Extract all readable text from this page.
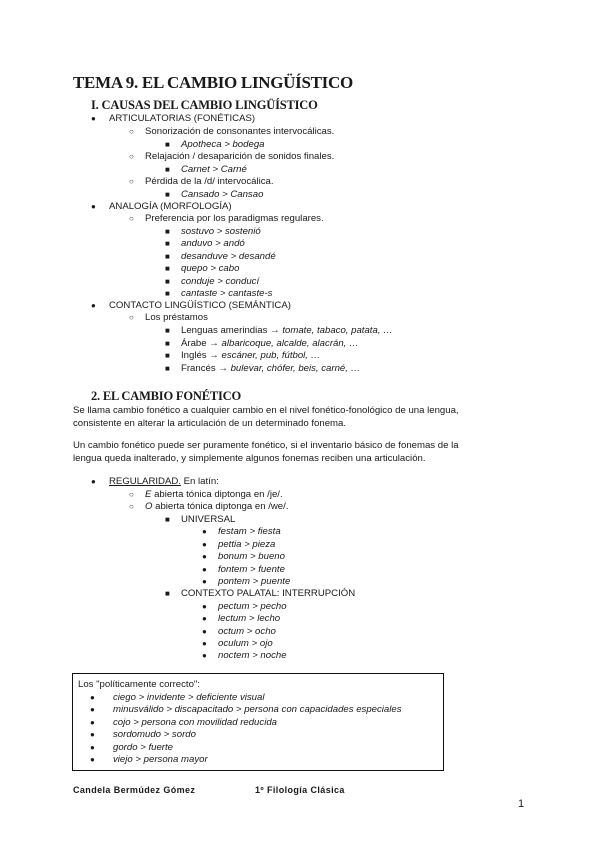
TEMA 9. EL CAMBIO LINGÜÍSTICO
I. CAUSAS DEL CAMBIO LINGÜÍSTICO
● ARTICULATORIAS (FONÉTICAS)
○ Sonorización de consonantes intervocálicas.
■ Apotheca > bodega
○ Relajación / desaparición de sonidos finales.
■ Carnet > Carné
○ Pérdida de la /d/ intervocálica.
■ Cansado > Cansao
● ANALOGÍA (MORFOLOGÍA)
○ Preferencia por los paradigmas regulares.
■ sostuvo > sostenió
■ anduvo > andó
■ desanduve > desandé
■ quepo > cabo
■ conduje > conducí
■ cantaste > cantaste-s
● CONTACTO LINGÜÍSTICO (SEMÁNTICA)
○ Los préstamos
■ Lenguas amerindias → tomate, tabaco, patata, …
■ Árabe → albaricoque, alcalde, alacrán, …
■ Inglés → escáner, pub, fútbol, …
■ Francés → bulevar, chófer, beis, carné, …
2. EL CAMBIO FONÉTICO
Se llama cambio fonético a cualquier cambio en el nivel fonético-fonológico de una lengua,
consistente en alterar la articulación de un determinado fonema.
Un cambio fonético puede ser puramente fonético, si el inventario básico de fonemas de la
lengua queda inalterado, y simplemente algunos fonemas reciben una articulación.
● REGULARIDAD. En latín:
○ E abierta tónica diptonga en /je/.
○ O abierta tónica diptonga en /we/.
■ UNIVERSAL
● festam > fiesta
● pettia > pieza
● bonum > bueno
● fontem > fuente
● pontem > puente
■ CONTEXTO PALATAL: INTERRUPCIÓN
● pectum > pecho
● lectum > lecho
● octum > ocho
● oculum > ojo
● noctem > noche
Los "políticamente correcto":
● ciego > invidente > deficiente visual
● minusválido > discapacitado > persona con capacidades especiales
● cojo > persona con movilidad reducida
● sordomudo > sordo
● gordo > fuerte
● viejo > persona mayor
Candela Bermúdez Gómez	1º Filología Clásica
1
